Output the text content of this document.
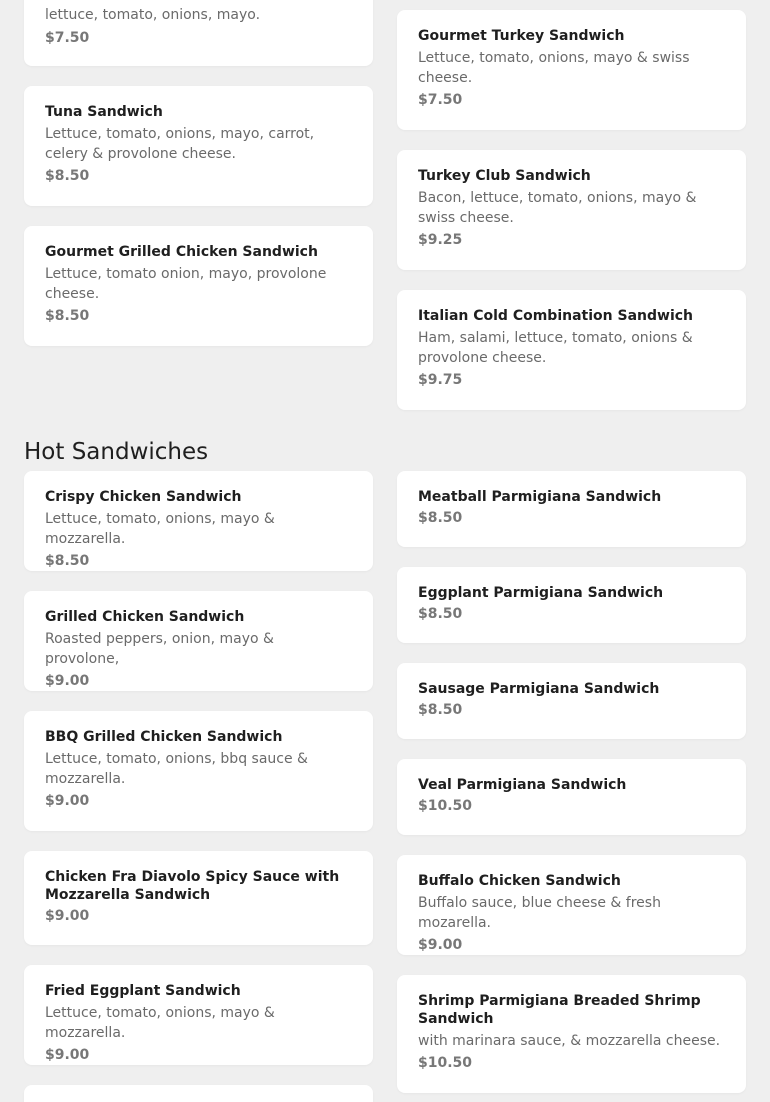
lettuce, tomato, onions, mayo.

$7.50

Tuna Sandwich

Lettuce, tomato, onions, mayo, carrot, celery & provolone cheese.

$8.50

Gourmet Grilled Chicken Sandwich

Lettuce, tomato onion, mayo, provolone cheese.

$8.50

Gourmet Turkey Sandwich

Lettuce, tomato, onions, mayo & swiss cheese.

$7.50

Turkey Club Sandwich

Bacon, lettuce, tomato, onions, mayo & swiss cheese.

$9.25

Italian Cold Combination Sandwich

Ham, salami, lettuce, tomato, onions & provolone cheese.

$9.75

Hot Sandwiches

Crispy Chicken Sandwich

Lettuce, tomato, onions, mayo & mozzarella.

$8.50

Grilled Chicken Sandwich

Roasted peppers, onion, mayo & provolone,

$9.00

BBQ Grilled Chicken Sandwich

Lettuce, tomato, onions, bbq sauce & mozzarella.

$9.00

Chicken Fra Diavolo Spicy Sauce with Mozzarella Sandwich

$9.00

Fried Eggplant Sandwich

Lettuce, tomato, onions, mayo & mozzarella.

$9.00

Meatball Parmigiana Sandwich

$8.50

Eggplant Parmigiana Sandwich

$8.50

Sausage Parmigiana Sandwich

$8.50

Veal Parmigiana Sandwich

$10.50

Buffalo Chicken Sandwich

Buffalo sauce, blue cheese & fresh mozarella.

$9.00

Shrimp Parmigiana Breaded Shrimp Sandwich

with marinara sauce, & mozzarella cheese.

$10.50
